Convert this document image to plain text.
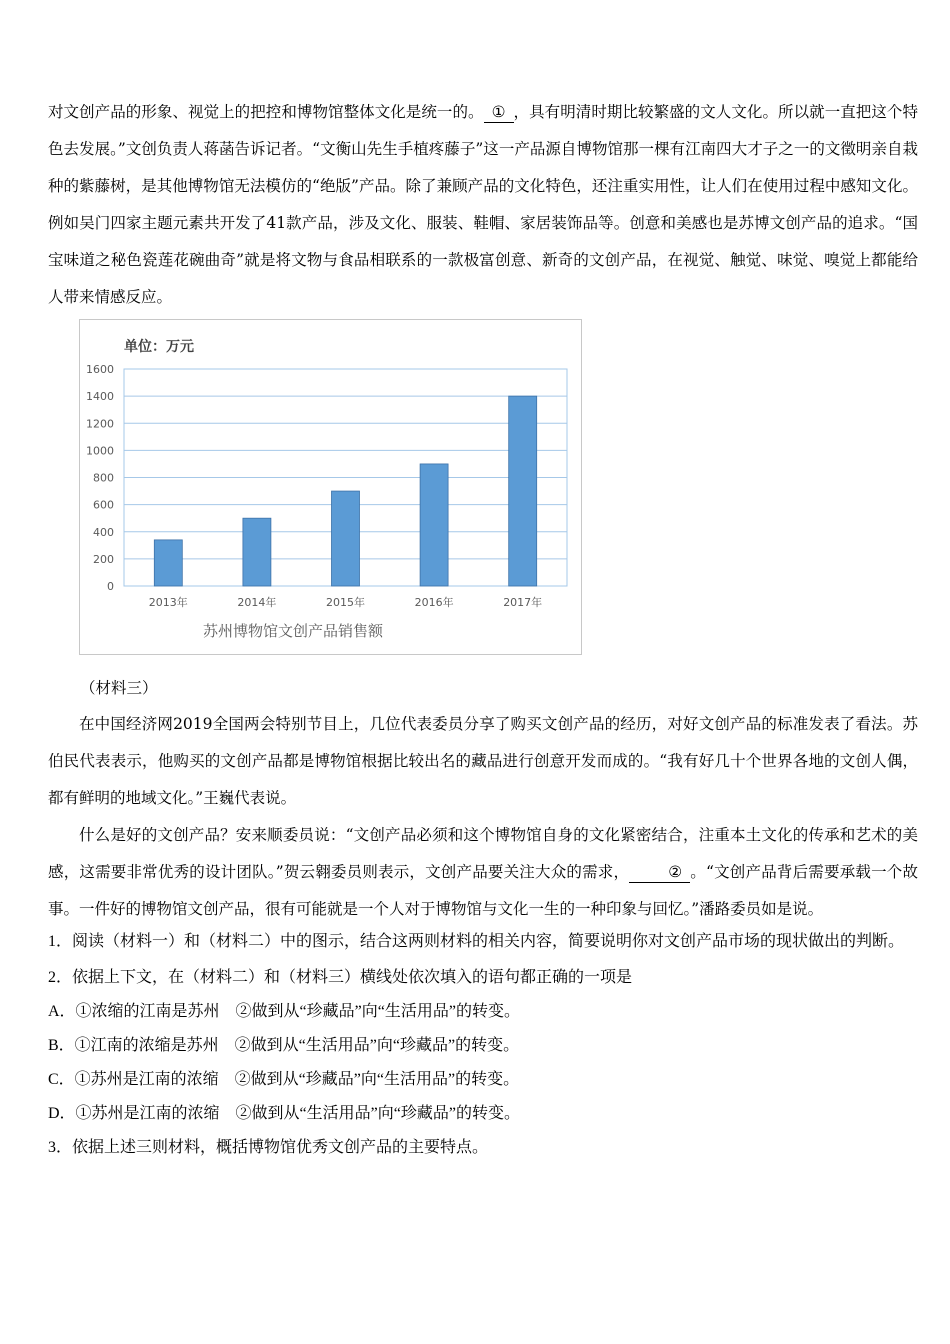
对文创产品的形象、视觉上的把控和博物馆整体文化是统一的。 ① ，具有明清时期比较繁盛的文人文化。所以就一直把这个特色去发展。”文创负责人蒋菡告诉记者。“文衡山先生手植疼藤子”这一产品源自博物馆那一棵有江南四大才子之一的文徵明亲自栽种的紫藤树，是其他博物馆无法模仿的“绝版”产品。除了兼顾产品的文化特色，还注重实用性，让人们在使用过程中感知文化。例如吴门四家主题元素共开发了41款产品，涉及文化、服装、鞋帽、家居装饰品等。创意和美感也是苏博文创产品的追求。“国宝味道之秘色瓷莲花碗曲奇”就是将文物与食品相联系的一款极富创意、新奇的文创产品，在视觉、触觉、味觉、嗅觉上都能给人带来情感反应。

单位：万元
0
200
400
600
800
1000
1200
1400
1600
2013年	2014年	2015年	2016年	2017年
苏州博物馆文创产品销售额
（材料三）

在中国经济网2019全国两会特别节目上，几位代表委员分享了购买文创产品的经历，对好文创产品的标准发表了看法。苏伯民代表表示，他购买的文创产品都是博物馆根据比较出名的藏品进行创意开发而成的。“我有好几十个世界各地的文创人偶，都有鲜明的地域文化。”王巍代表说。

什么是好的文创产品？安来顺委员说：“文创产品必须和这个博物馆自身的文化紧密结合，注重本土文化的传承和艺术的美感，这需要非常优秀的设计团队。”贺云翱委员则表示，文创产品要关注大众的需求，	② 。“文创产品背后需要承载一个故事。一件好的博物馆文创产品，很有可能就是一个人对于博物馆与文化一生的一种印象与回忆。”潘路委员如是说。

1．阅读（材料一）和（材料二）中的图示，结合这两则材料的相关内容，简要说明你对文创产品市场的现状做出的判断。

2．依据上下文，在（材料二）和（材料三）横线处依次填入的语句都正确的一项是

A．①浓缩的江南是苏州    ②做到从“珍藏品”向“生活用品”的转变。

B．①江南的浓缩是苏州    ②做到从“生活用品”向“珍藏品”的转变。

C．①苏州是江南的浓缩    ②做到从“珍藏品”向“生活用品”的转变。

D．①苏州是江南的浓缩    ②做到从“生活用品”向“珍藏品”的转变。

3．依据上述三则材料，概括博物馆优秀文创产品的主要特点。
